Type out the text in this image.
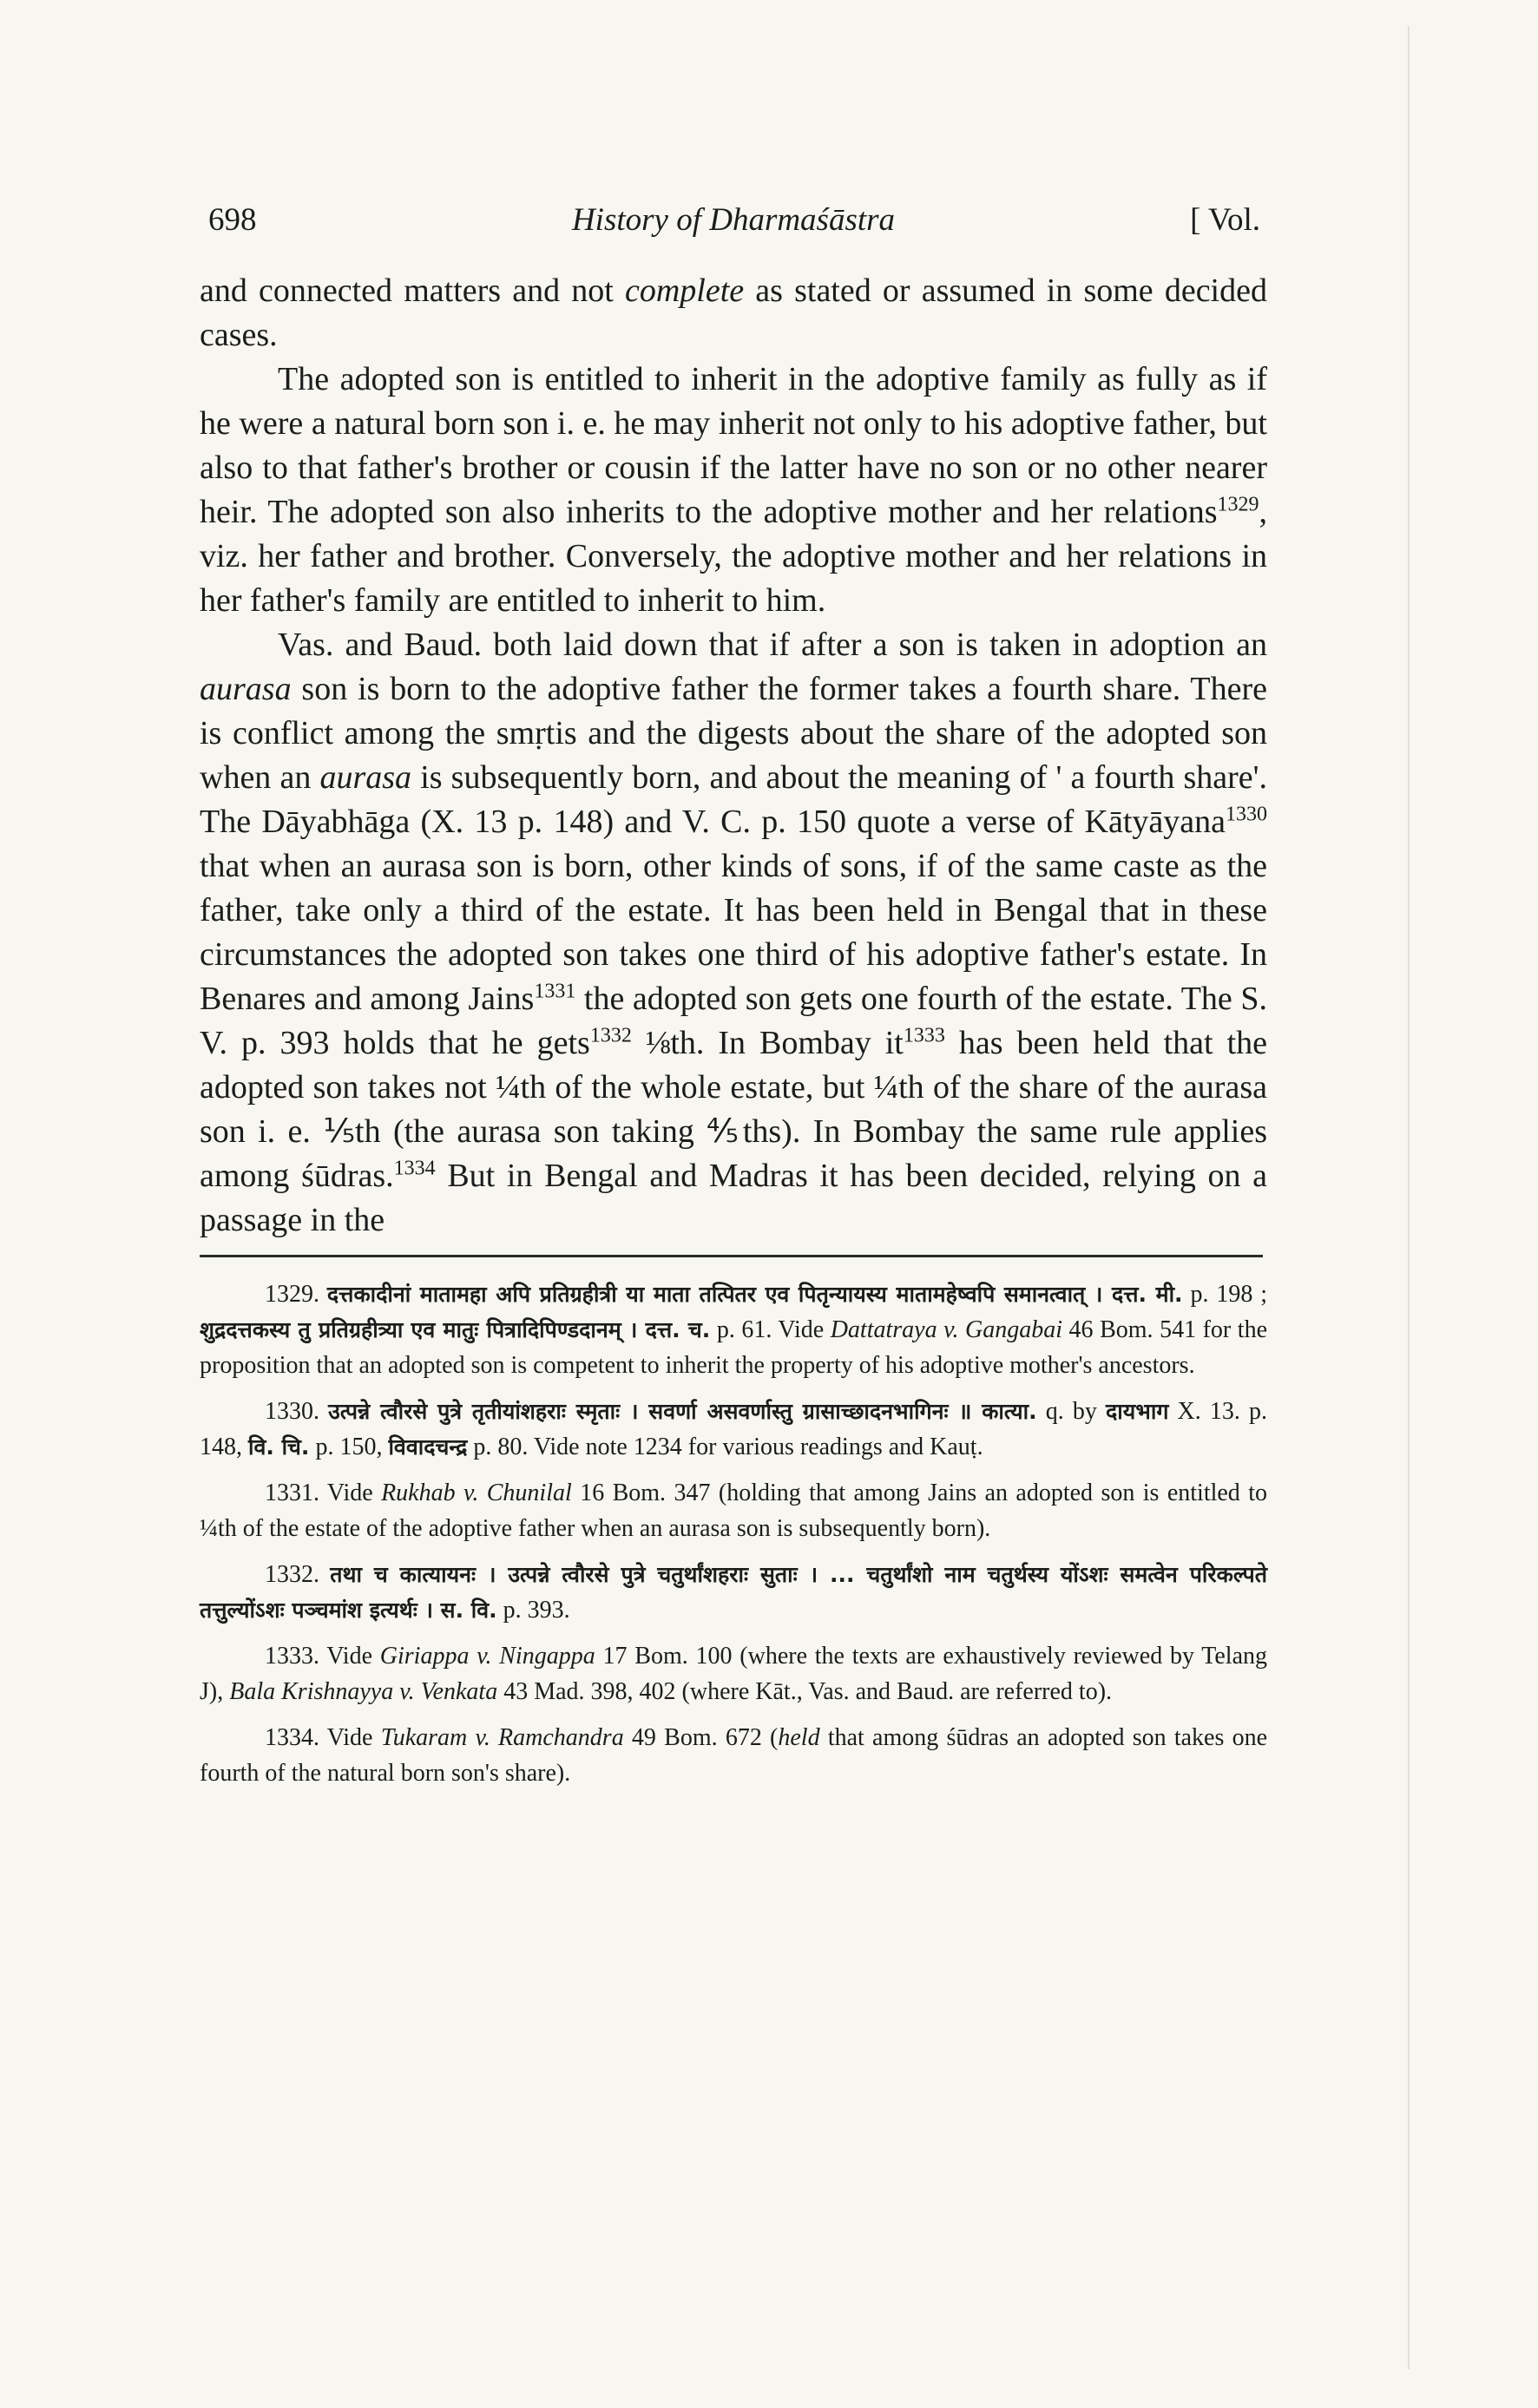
698	History of Dharmaśāstra	[ Vol.

and connected matters and not complete as stated or assumed in some decided cases.

The adopted son is entitled to inherit in the adoptive family as fully as if he were a natural born son i. e. he may inherit not only to his adoptive father, but also to that father's brother or cousin if the latter have no son or no other nearer heir. The adopted son also inherits to the adoptive mother and her relations$^{1329}$, viz. her father and brother. Conversely, the adoptive mother and her relations in her father's family are entitled to inherit to him.

Vas. and Baud. both laid down that if after a son is taken in adoption an aurasa son is born to the adoptive father the former takes a fourth share. There is conflict among the smṛtis and the digests about the share of the adopted son when an aurasa is subsequently born, and about the meaning of ' a fourth share'. The Dāyabhāga (X. 13 p. 148) and V. C. p. 150 quote a verse of Kātyāyana$^{1330}$ that when an aurasa son is born, other kinds of sons, if of the same caste as the father, take only a third of the estate. It has been held in Bengal that in these circumstances the adopted son takes one third of his adoptive father's estate. In Benares and among Jains$^{1331}$ the adopted son gets one fourth of the estate. The S. V. p. 393 holds that he gets$^{1332}$ ⅛th. In Bombay $it^{1333}$ has been held that the adopted son takes not ¼th of the whole estate, but ¼th of the share of the aurasa son i. e. ⅕th (the aurasa son taking ⅘ths). In Bombay the same rule applies among śūdras.$^{1334}$ But in Bengal and Madras it has been decided, relying on a passage in the

1329. दत्तकादीनां मातामहा अपि प्रतिग्रहीत्री या माता तत्पितर एव पितृन्यायस्य मातामहेष्वपि समानत्वात् । दत्त. मी. p. 198 ; शुद्रदत्तकस्य तु प्रतिग्रहीत्र्या एव मातुः पित्रादिपिण्डदानम् । दत्त. च. p. 61. Vide Dattatraya v. Gangabai 46 Bom. 541 for the proposition that an adopted son is competent to inherit the property of his adoptive mother's ancestors.

1330. उत्पन्ने त्वौरसे पुत्रे तृतीयांशहराः स्मृताः । सवर्णा असवर्णास्तु ग्रासाच्छादनभागिनः ॥ कात्या. q. by दायभाग X. 13. p. 148, वि. चि. p. 150, विवादचन्द्र p. 80. Vide note 1234 for various readings and Kauṭ.

1331. Vide Rukhab v. Chunilal 16 Bom. 347 (holding that among Jains an adopted son is entitled to ¼th of the estate of the adoptive father when an aurasa son is subsequently born).

1332. तथा च कात्यायनः । उत्पन्ने त्वौरसे पुत्रे चतुर्थांशहराः सुताः । ... चतुर्थांशो नाम चतुर्थस्य योंऽशः समत्वेन परिकल्पते तत्तुल्योंऽशः पञ्चमांश इत्यर्थः । स. वि. p. 393.

1333. Vide Giriappa v. Ningappa 17 Bom. 100 (where the texts are exhaustively reviewed by Telang J), Bala Krishnayya v. Venkata 43 Mad. 398, 402 (where Kāt., Vas. and Baud. are referred to).

1334. Vide Tukaram v. Ramchandra 49 Bom. 672 (held that among śūdras an adopted son takes one fourth of the natural born son's share).
